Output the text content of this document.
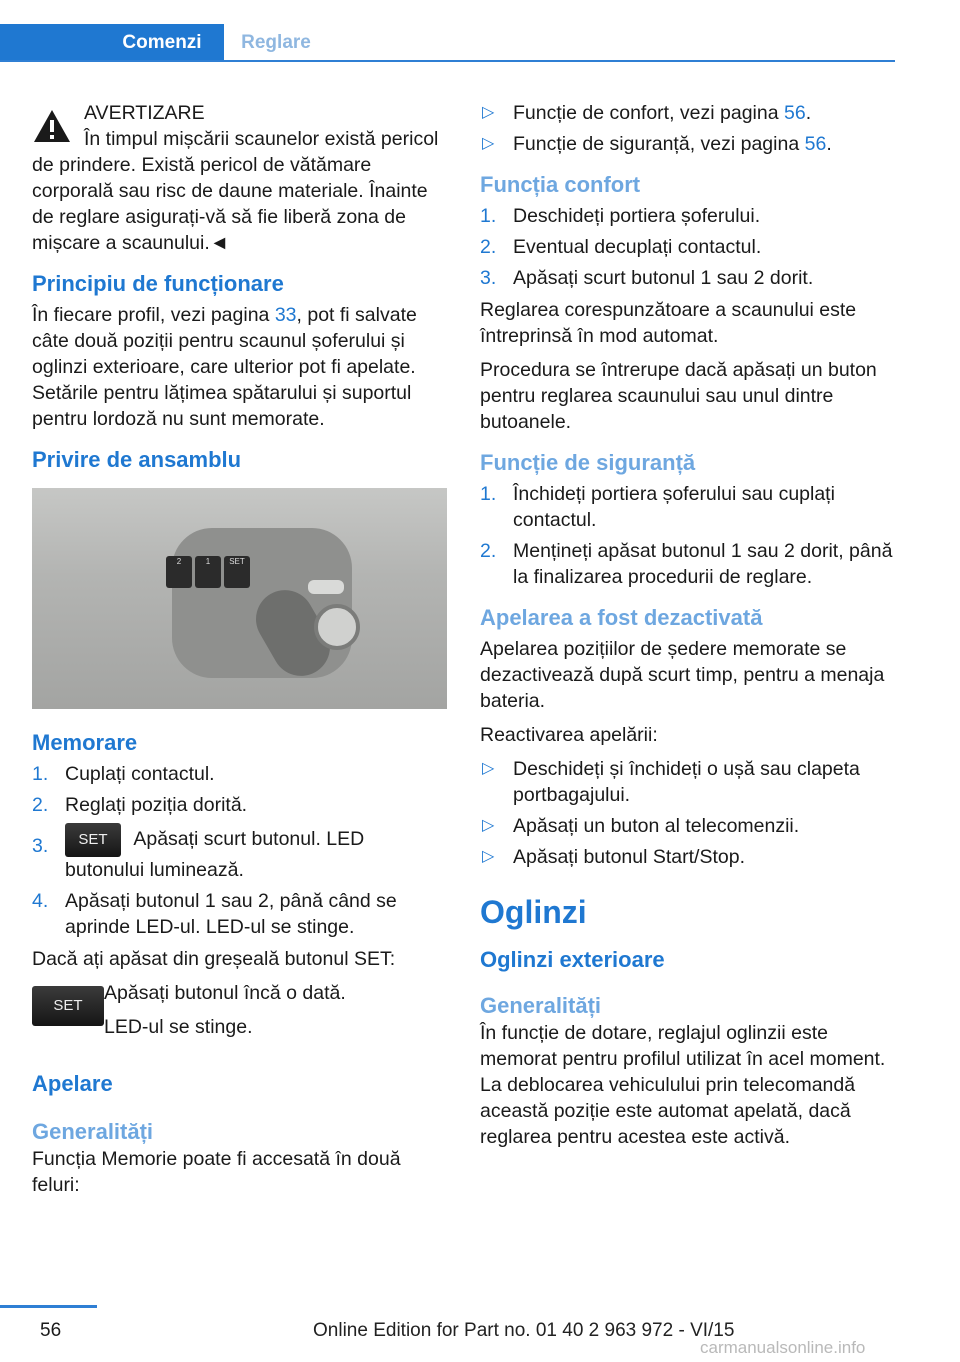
Comenzi	Reglare
AVERTIZARE
În timpul mișcării scaunelor există pericol de prindere. Există pericol de vătămare corporală sau risc de daune materiale. Înainte de reglare asigurați-vă să fie liberă zona de mișcare a scaunului.◄
Principiu de funcționare

În fiecare profil, vezi pagina 33, pot fi salvate câte două poziții pentru scaunul șoferului și oglinzi exterioare, care ulterior pot fi apelate. Setările pentru lățimea spătarului și suportul pentru lordoză nu sunt memorate.

Privire de ansamblu
2	1	SET
Memorare
1. Cuplați contactul.
2. Reglați poziția dorită.
3. SET Apăsați scurt butonul. LED butonului luminează.
4. Apăsați butonul 1 sau 2, până când se aprinde LED-ul. LED-ul se stinge.

Dacă ați apăsat din greșeală butonul SET:

SET

Apăsați butonul încă o dată.

LED-ul se stinge.

Apelare
Generalități

Funcția Memorie poate fi accesată în două feluri:

▷ Funcție de confort, vezi pagina 56.
▷ Funcție de siguranță, vezi pagina 56.
Funcția confort
1. Deschideți portiera șoferului.
2. Eventual decuplați contactul.
3. Apăsați scurt butonul 1 sau 2 dorit.

Reglarea corespunzătoare a scaunului este întreprinsă în mod automat.

Procedura se întrerupe dacă apăsați un buton pentru reglarea scaunului sau unul dintre butoanele.

Funcție de siguranță
1. Închideți portiera șoferului sau cuplați contactul.
2. Mențineți apăsat butonul 1 sau 2 dorit, până la finalizarea procedurii de reglare.
Apelarea a fost dezactivată

Apelarea pozițiilor de ședere memorate se dezactivează după scurt timp, pentru a menaja bateria.

Reactivarea apelării:

▷ Deschideți și închideți o ușă sau clapeta portbagajului.
▷ Apăsați un buton al telecomenzii.
▷ Apăsați butonul Start/Stop.
Oglinzi
Oglinzi exterioare
Generalități

În funcție de dotare, reglajul oglinzii este memorat pentru profilul utilizat în acel moment. La deblocarea vehiculului prin telecomandă această poziție este automat apelată, dacă reglarea pentru acestea este activă.

56	Online Edition for Part no. 01 40 2 963 972 - VI/15
carmanualsonline.info
